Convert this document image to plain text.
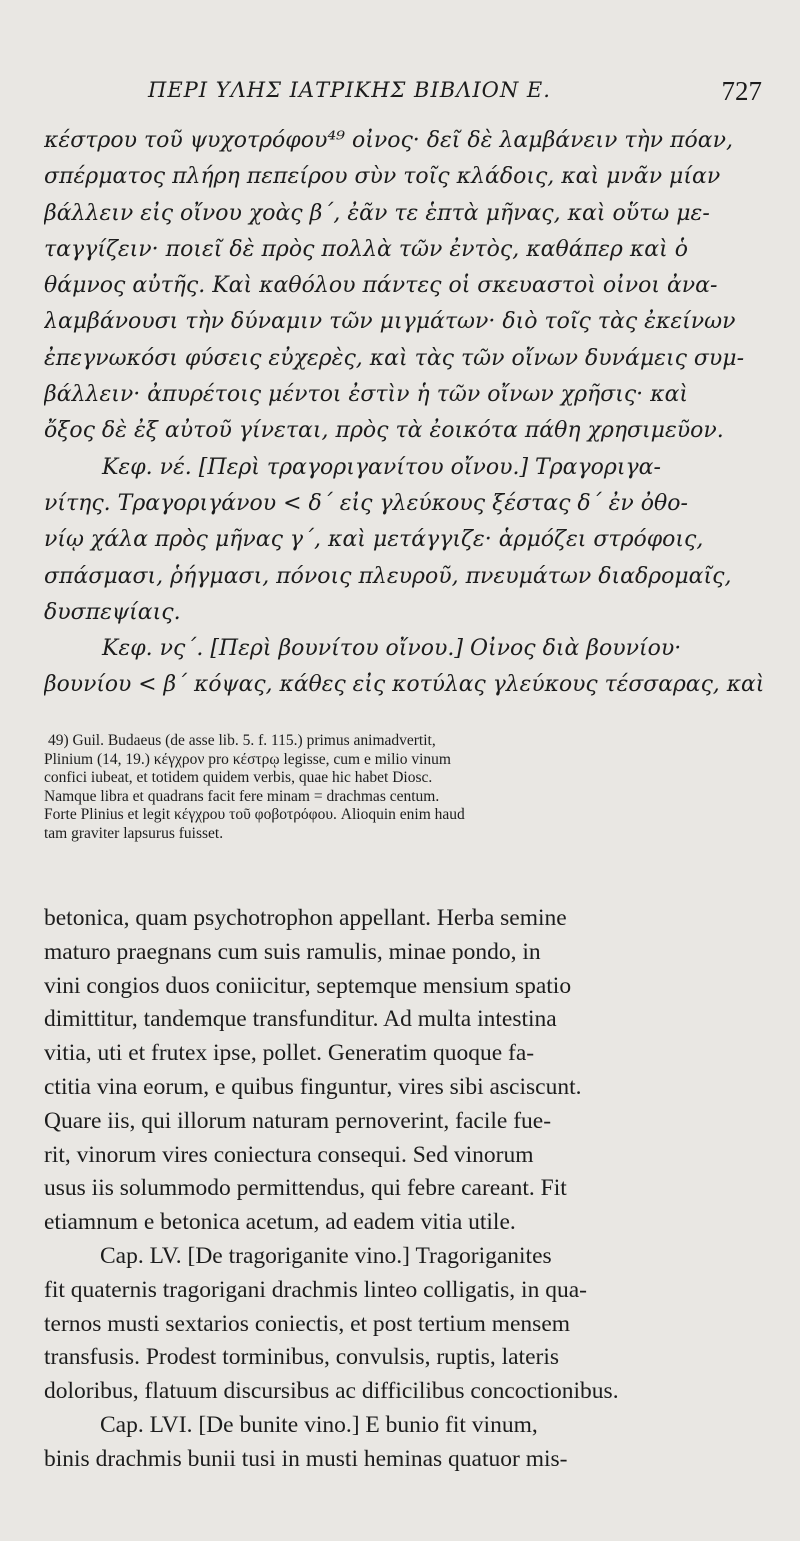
ΠΕΡΙ ΥΛΗΣ ΙΑΤΡΙΚΗΣ ΒΙΒΛΙΟΝ Ε.	727
κέστρου τοῦ ψυχοτρόφου⁴⁹ οἶνος· δεῖ δὲ λαμβάνειν τὴν πόαν,
σπέρματος πλήρη πεπείρου σὺν τοῖς κλάδοις, καὶ μνᾶν μίαν
βάλλειν εἰς οἴνου χοὰς β΄, ἐᾶν τε ἑπτὰ μῆνας, καὶ οὕτω με-
ταγγίζειν· ποιεῖ δὲ πρὸς πολλὰ τῶν ἐντὸς, καθάπερ καὶ ὁ
θάμνος αὐτῆς. Καὶ καθόλου πάντες οἱ σκευαστοὶ οἶνοι ἀνα-
λαμβάνουσι τὴν δύναμιν τῶν μιγμάτων· διὸ τοῖς τὰς ἐκείνων
ἐπεγνωκόσι φύσεις εὐχερὲς, καὶ τὰς τῶν οἴνων δυνάμεις συμ-
βάλλειν· ἀπυρέτοις μέντοι ἐστὶν ἡ τῶν οἴνων χρῆσις· καὶ
ὄξος δὲ ἐξ αὐτοῦ γίνεται, πρὸς τὰ ἐοικότα πάθη χρησιμεῦον.
Κεφ. νέ. [Περὶ τραγοριγανίτου οἴνου.] Τραγοριγα-
νίτης. Τραγοριγάνου < δ΄ εἰς γλεύκους ξέστας δ΄ ἐν ὀθο-
νίῳ χάλα πρὸς μῆνας γ΄, καὶ μετάγγιζε· ἁρμόζει στρόφοις,
σπάσμασι, ῥήγμασι, πόνοις πλευροῦ, πνευμάτων διαδρομαῖς,
δυσπεψίαις.
Κεφ. νς΄. [Περὶ βουνίτου οἴνου.] Οἶνος διὰ βουνίου·
βουνίου < β΄ κόψας, κάθες εἰς κοτύλας γλεύκους τέσσαρας, καὶ
49) Guil. Budaeus (de asse lib. 5. f. 115.) primus animadvertit,
Plinium (14, 19.) κέγχρον pro κέστρῳ legisse, cum e milio vinum
confici iubeat, et totidem quidem verbis, quae hic habet Diosc.
Namque libra et quadrans facit fere minam = drachmas centum.
Forte Plinius et legit κέγχρου τοῦ φοβοτρόφου. Alioquin enim haud
tam graviter lapsurus fuisset.
betonica, quam psychotrophon appellant. Herba semine
maturo praegnans cum suis ramulis, minae pondo, in
vini congios duos coniicitur, septemque mensium spatio
dimittitur, tandemque transfunditur. Ad multa intestina
vitia, uti et frutex ipse, pollet. Generatim quoque fa-
ctitia vina eorum, e quibus finguntur, vires sibi asciscunt.
Quare iis, qui illorum naturam pernoverint, facile fue-
rit, vinorum vires coniectura consequi. Sed vinorum
usus iis solummodo permittendus, qui febre careant. Fit
etiamnum e betonica acetum, ad eadem vitia utile.
Cap. LV. [De tragoriganite vino.] Tragoriganites
fit quaternis tragorigani drachmis linteo colligatis, in qua-
ternos musti sextarios coniectis, et post tertium mensem
transfusis. Prodest torminibus, convulsis, ruptis, lateris
doloribus, flatuum discursibus ac difficilibus concoctionibus.
Cap. LVI. [De bunite vino.] E bunio fit vinum,
binis drachmis bunii tusi in musti heminas quatuor mis-
